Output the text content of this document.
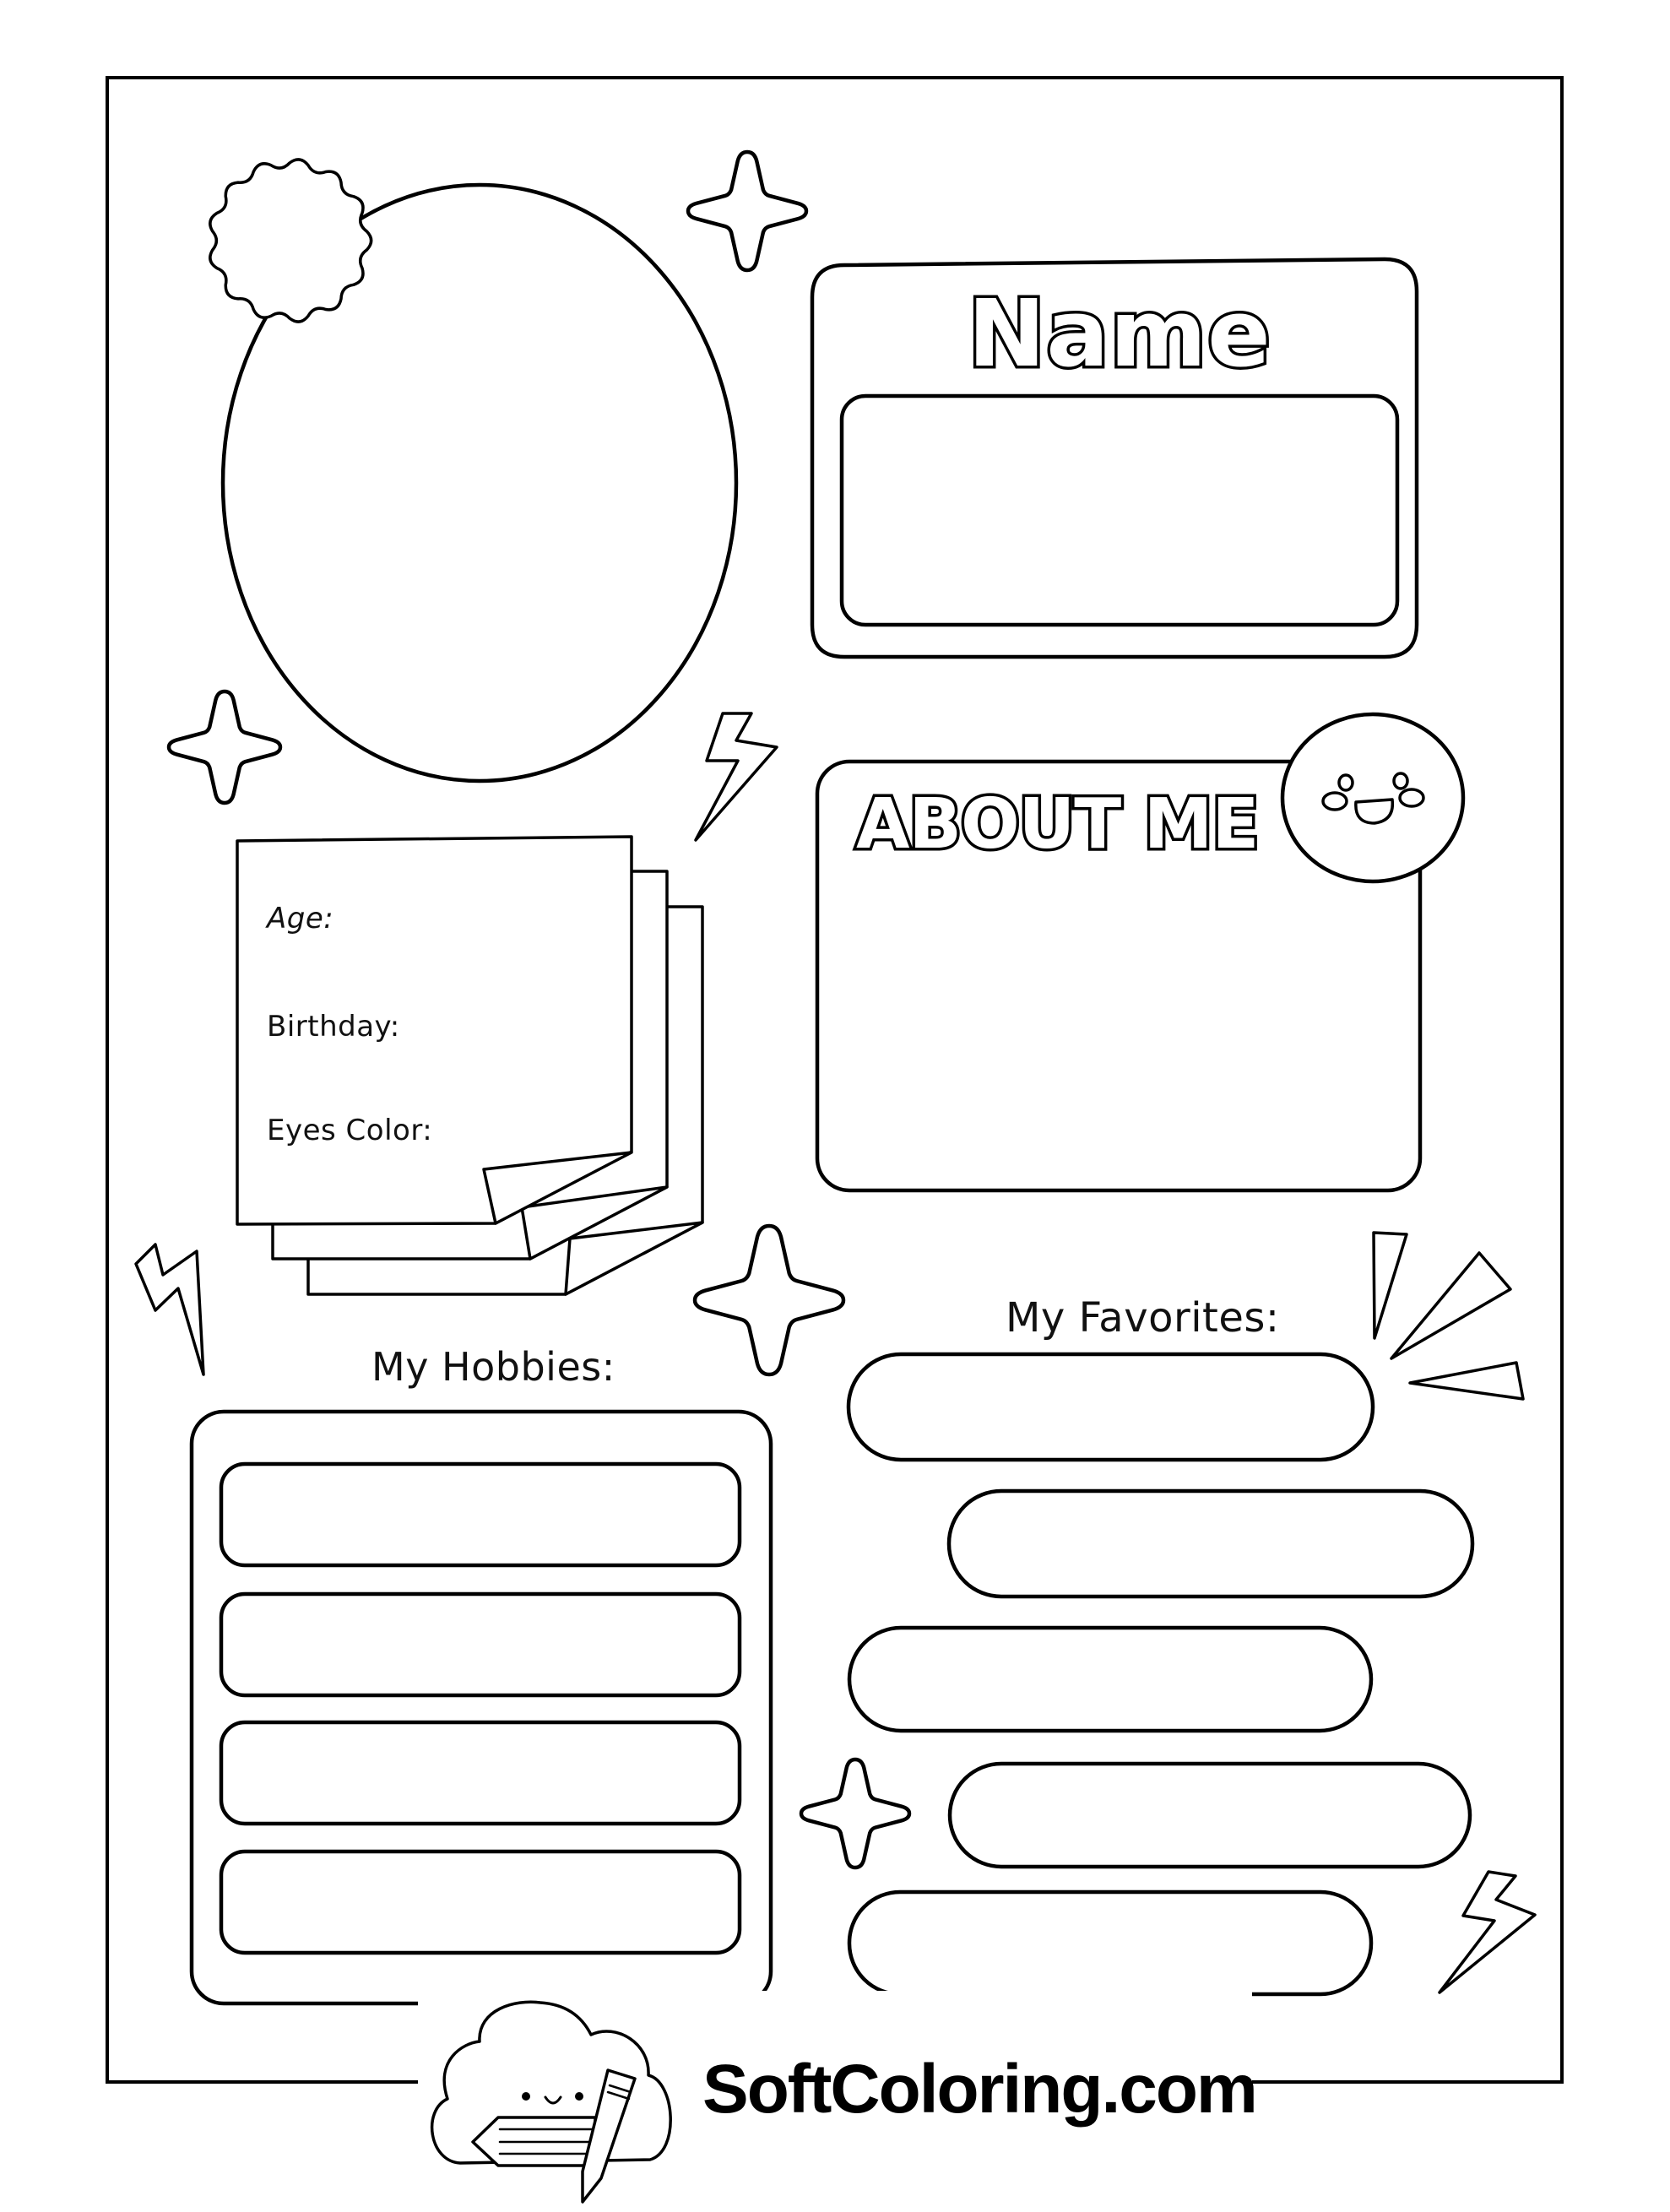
Name
ABOUT ME
Age:
Birthday:
Eyes Color:
My Hobbies:
My Favorites:
SoftColoring.com
